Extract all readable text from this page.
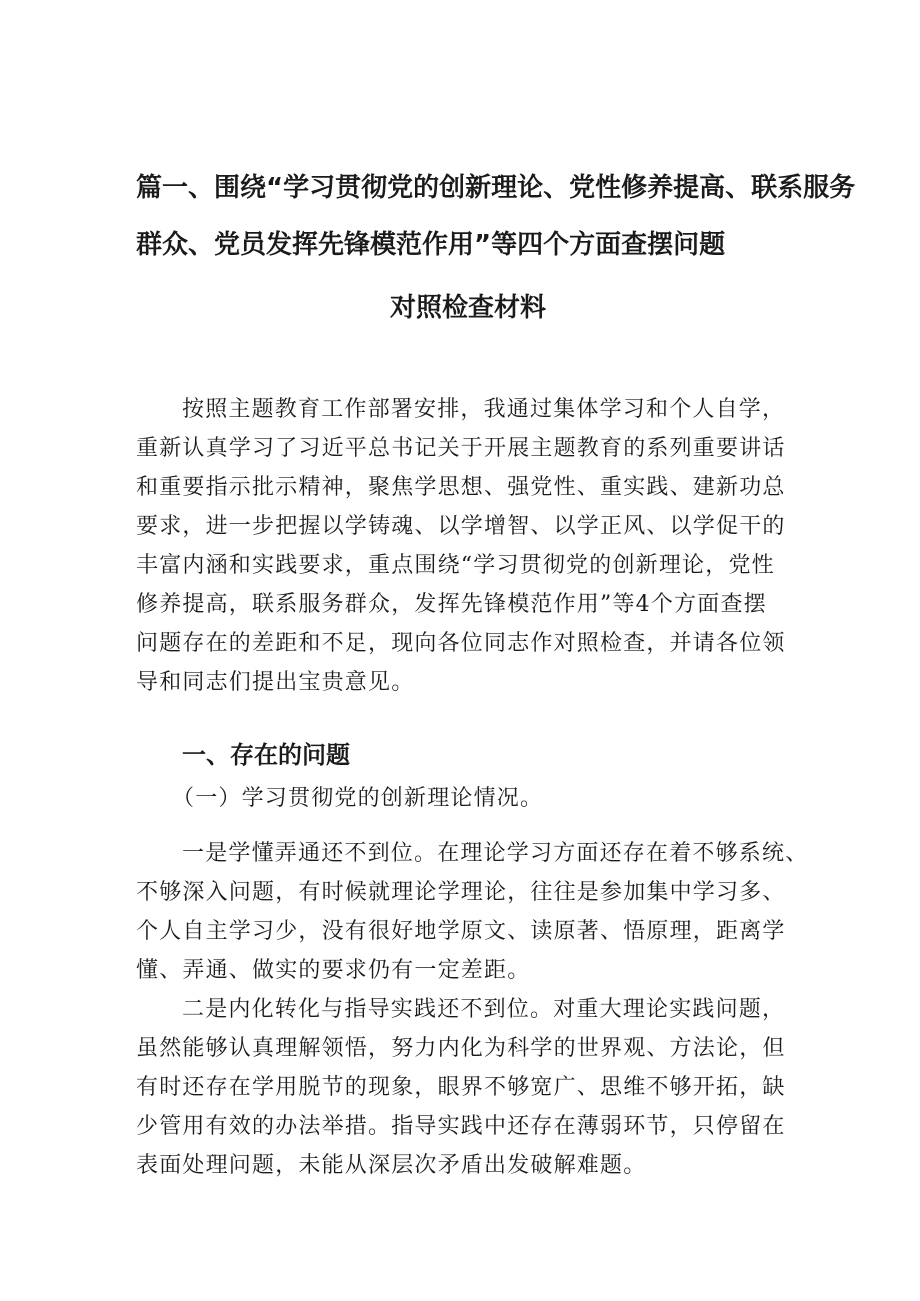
篇一、围绕“学习贯彻党的创新理论、党性修养提高、联系服务
群众、党员发挥先锋模范作用”等四个方面查摆问题
对照检查材料
按照主题教育工作部署安排，我通过集体学习和个人自学，
重新认真学习了习近平总书记关于开展主题教育的系列重要讲话
和重要指示批示精神，聚焦学思想、强党性、重实践、建新功总
要求，进一步把握以学铸魂、以学增智、以学正风、以学促干的
丰富内涵和实践要求，重点围绕“学习贯彻党的创新理论，党性
修养提高，联系服务群众，发挥先锋模范作用”等4个方面查摆
问题存在的差距和不足，现向各位同志作对照检查，并请各位领
导和同志们提出宝贵意见。
一、存在的问题
（一）学习贯彻党的创新理论情况。
一是学懂弄通还不到位。在理论学习方面还存在着不够系统、
不够深入问题，有时候就理论学理论，往往是参加集中学习多、
个人自主学习少，没有很好地学原文、读原著、悟原理，距离学
懂、弄通、做实的要求仍有一定差距。
二是内化转化与指导实践还不到位。对重大理论实践问题，
虽然能够认真理解领悟，努力内化为科学的世界观、方法论，但
有时还存在学用脱节的现象，眼界不够宽广、思维不够开拓，缺
少管用有效的办法举措。指导实践中还存在薄弱环节，只停留在
表面处理问题，未能从深层次矛盾出发破解难题。
